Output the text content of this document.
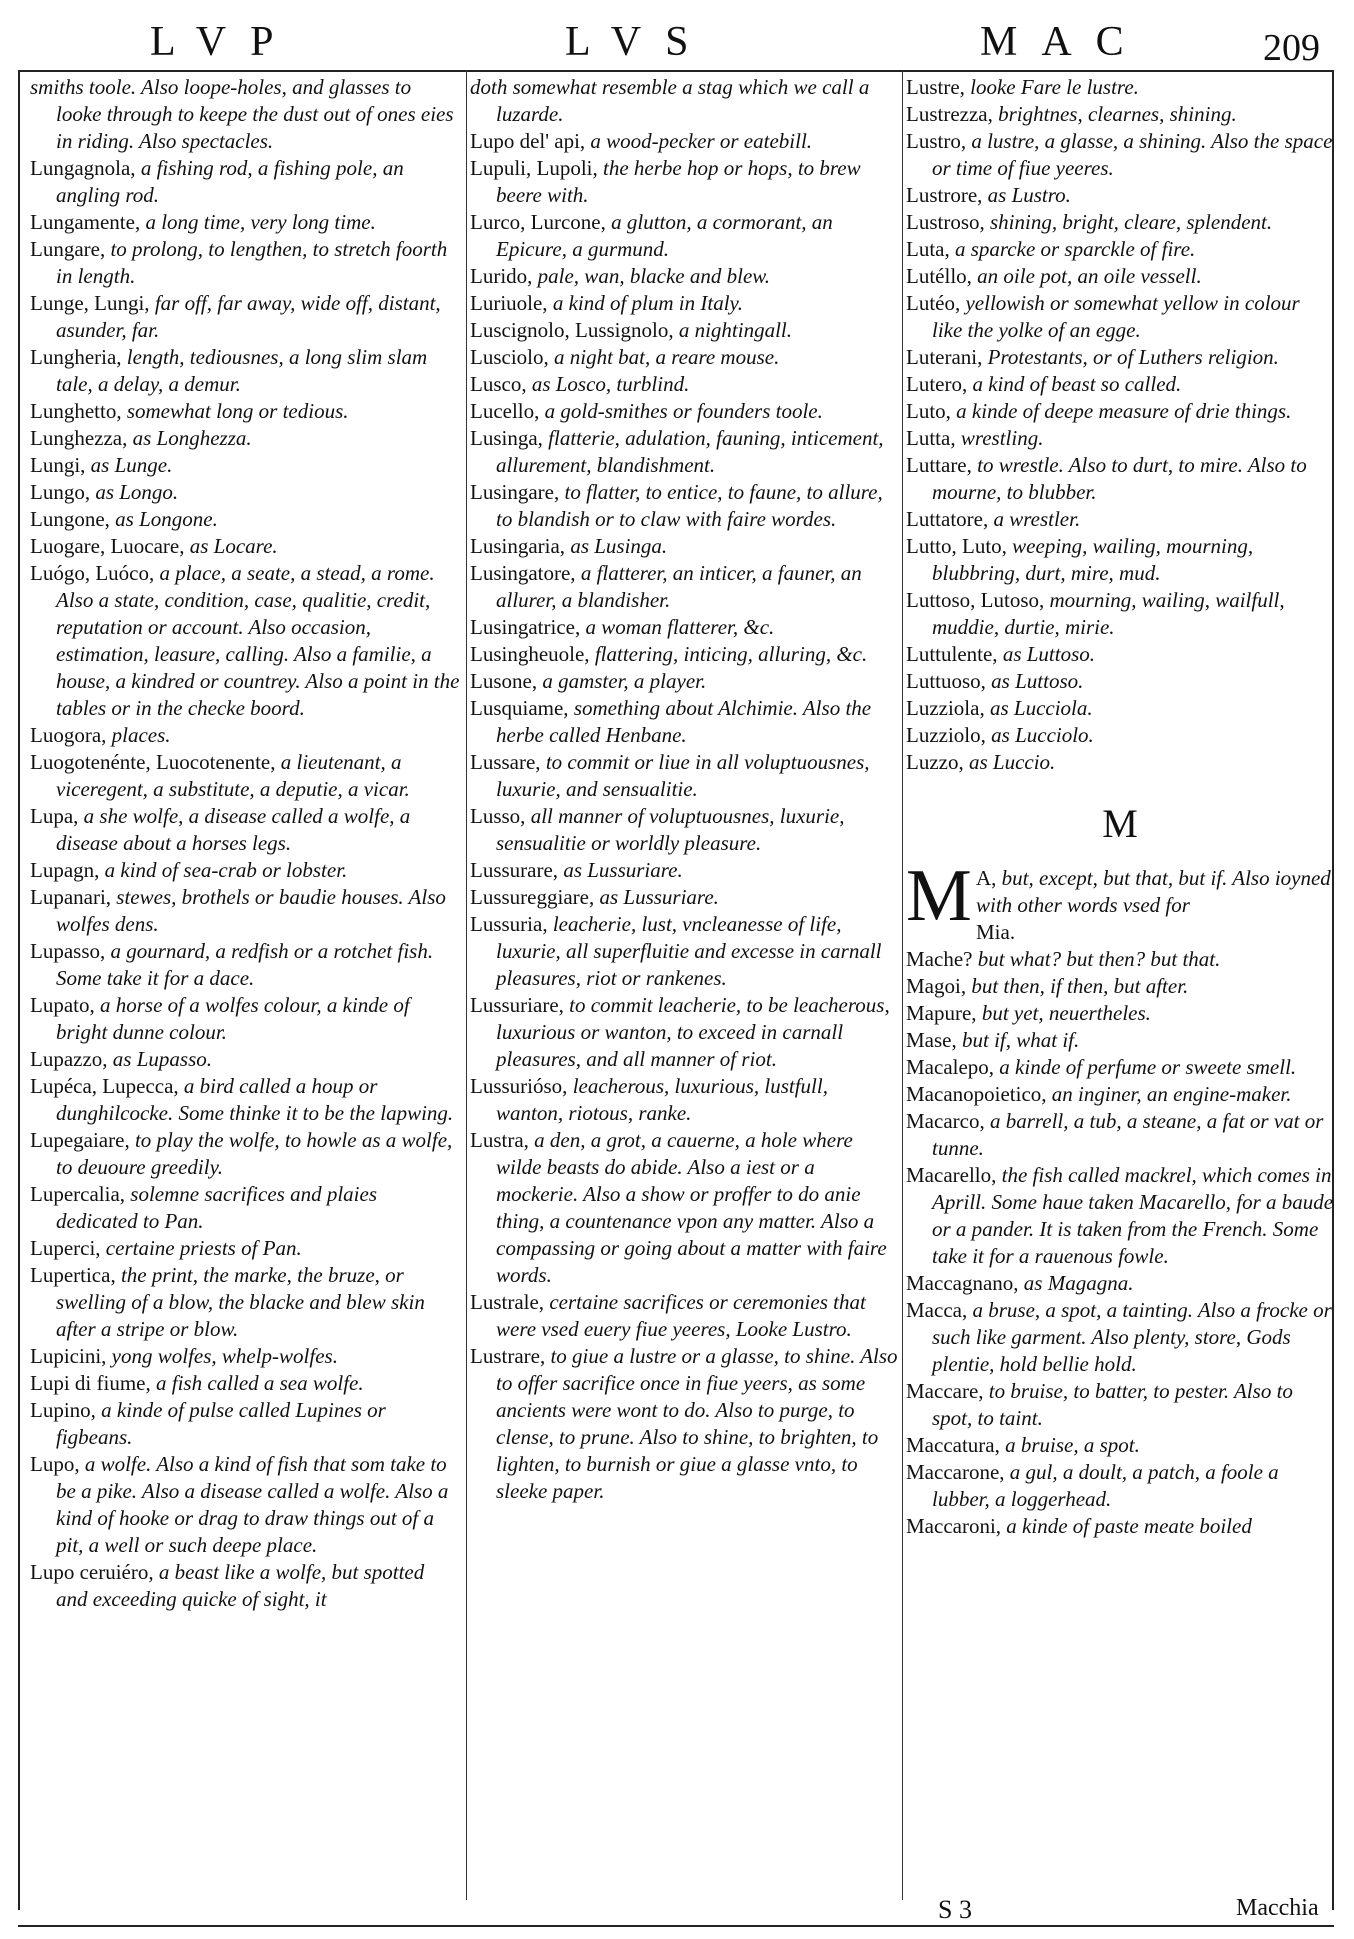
LVP	LVS	MAC	209

smiths toole. Also loope-holes, and glasses to looke through to keepe the dust out of ones eies in riding. Also spectacles.

Lungagnola, a fishing rod, a fishing pole, an angling rod.

Lungamente, a long time, very long time.

Lungare, to prolong, to lengthen, to stretch foorth in length.

Lunge, Lungi, far off, far away, wide off, distant, asunder, far.

Lungheria, length, tediousnes, a long slim slam tale, a delay, a demur.

Lunghetto, somewhat long or tedious.

Lunghezza, as Longhezza.

Lungi, as Lunge.

Lungo, as Longo.

Lungone, as Longone.

Luogare, Luocare, as Locare.

Luógo, Luóco, a place, a seate, a stead, a rome. Also a state, condition, case, qualitie, credit, reputation or account. Also occasion, estimation, leasure, calling. Also a familie, a house, a kindred or countrey. Also a point in the tables or in the checke boord.

Luogora, places.

Luogotenénte, Luocotenente, a lieutenant, a viceregent, a substitute, a deputie, a vicar.

Lupa, a she wolfe, a disease called a wolfe, a disease about a horses legs.

Lupagn, a kind of sea-crab or lobster.

Lupanari, stewes, brothels or baudie houses. Also wolfes dens.

Lupasso, a gournard, a redfish or a rotchet fish. Some take it for a dace.

Lupato, a horse of a wolfes colour, a kinde of bright dunne colour.

Lupazzo, as Lupasso.

Lupéca, Lupecca, a bird called a houp or dunghilcocke. Some thinke it to be the lapwing.

Lupegaiare, to play the wolfe, to howle as a wolfe, to deuoure greedily.

Lupercalia, solemne sacrifices and plaies dedicated to Pan.

Luperci, certaine priests of Pan.

Lupertica, the print, the marke, the bruze, or swelling of a blow, the blacke and blew skin after a stripe or blow.

Lupicini, yong wolfes, whelp-wolfes.

Lupi di fiume, a fish called a sea wolfe.

Lupino, a kinde of pulse called Lupines or figbeans.

Lupo, a wolfe. Also a kind of fish that som take to be a pike. Also a disease called a wolfe. Also a kind of hooke or drag to draw things out of a pit, a well or such deepe place.

Lupo ceruiéro, a beast like a wolfe, but spotted and exceeding quicke of sight, it

doth somewhat resemble a stag which we call a luzarde.

Lupo del' api, a wood-pecker or eatebill.

Lupuli, Lupoli, the herbe hop or hops, to brew beere with.

Lurco, Lurcone, a glutton, a cormorant, an Epicure, a gurmund.

Lurido, pale, wan, blacke and blew.

Luriuole, a kind of plum in Italy.

Luscignolo, Lussignolo, a nightingall.

Lusciolo, a night bat, a reare mouse.

Lusco, as Losco, turblind.

Lucello, a gold-smithes or founders toole.

Lusinga, flatterie, adulation, fauning, inticement, allurement, blandishment.

Lusingare, to flatter, to entice, to faune, to allure, to blandish or to claw with faire wordes.

Lusingaria, as Lusinga.

Lusingatore, a flatterer, an inticer, a fauner, an allurer, a blandisher.

Lusingatrice, a woman flatterer, &c.

Lusingheuole, flattering, inticing, alluring, &c.

Lusone, a gamster, a player.

Lusquiame, something about Alchimie. Also the herbe called Henbane.

Lussare, to commit or liue in all voluptuousnes, luxurie, and sensualitie.

Lusso, all manner of voluptuousnes, luxurie, sensualitie or worldly pleasure.

Lussurare, as Lussuriare.

Lussureggiare, as Lussuriare.

Lussuria, leacherie, lust, vncleanesse of life, luxurie, all superfluitie and excesse in carnall pleasures, riot or rankenes.

Lussuriare, to commit leacherie, to be leacherous, luxurious or wanton, to exceed in carnall pleasures, and all manner of riot.

Lussurióso, leacherous, luxurious, lustfull, wanton, riotous, ranke.

Lustra, a den, a grot, a cauerne, a hole where wilde beasts do abide. Also a iest or a mockerie. Also a show or proffer to do anie thing, a countenance vpon any matter. Also a compassing or going about a matter with faire words.

Lustrale, certaine sacrifices or ceremonies that were vsed euery fiue yeeres, Looke Lustro.

Lustrare, to giue a lustre or a glasse, to shine. Also to offer sacrifice once in fiue yeers, as some ancients were wont to do. Also to purge, to clense, to prune. Also to shine, to brighten, to lighten, to burnish or giue a glasse vnto, to sleeke paper.

Lustre, looke Fare le lustre.

Lustrezza, brightnes, clearnes, shining.

Lustro, a lustre, a glasse, a shining. Also the space or time of fiue yeeres.

Lustrore, as Lustro.

Lustroso, shining, bright, cleare, splendent.

Luta, a sparcke or sparckle of fire.

Lutéllo, an oile pot, an oile vessell.

Lutéo, yellowish or somewhat yellow in colour like the yolke of an egge.

Luterani, Protestants, or of Luthers religion.

Lutero, a kind of beast so called.

Luto, a kinde of deepe measure of drie things.

Lutta, wrestling.

Luttare, to wrestle. Also to durt, to mire. Also to mourne, to blubber.

Luttatore, a wrestler.

Lutto, Luto, weeping, wailing, mourning, blubbring, durt, mire, mud.

Luttoso, Lutoso, mourning, wailing, wailfull, muddie, durtie, mirie.

Luttulente, as Luttoso.

Luttuoso, as Luttoso.

Luzziola, as Lucciola.

Luzziolo, as Lucciolo.

Luzzo, as Luccio.

M
M A, but, except, but that, but if. Also ioyned with other words vsed for
Mia.

Mache? but what? but then? but that.

Magoi, but then, if then, but after.

Mapure, but yet, neuertheles.

Mase, but if, what if.

Macalepo, a kinde of perfume or sweete smell.

Macanopoietico, an inginer, an engine-maker.

Macarco, a barrell, a tub, a steane, a fat or vat or tunne.

Macarello, the fish called mackrel, which comes in Aprill. Some haue taken Macarello, for a baude or a pander. It is taken from the French. Some take it for a rauenous fowle.

Maccagnano, as Magagna.

Macca, a bruse, a spot, a tainting. Also a frocke or such like garment. Also plenty, store, Gods plentie, hold bellie hold.

Maccare, to bruise, to batter, to pester. Also to spot, to taint.

Maccatura, a bruise, a spot.

Maccarone, a gul, a doult, a patch, a foole a lubber, a loggerhead.

Maccaroni, a kinde of paste meate boiled

S 3	Macchia
